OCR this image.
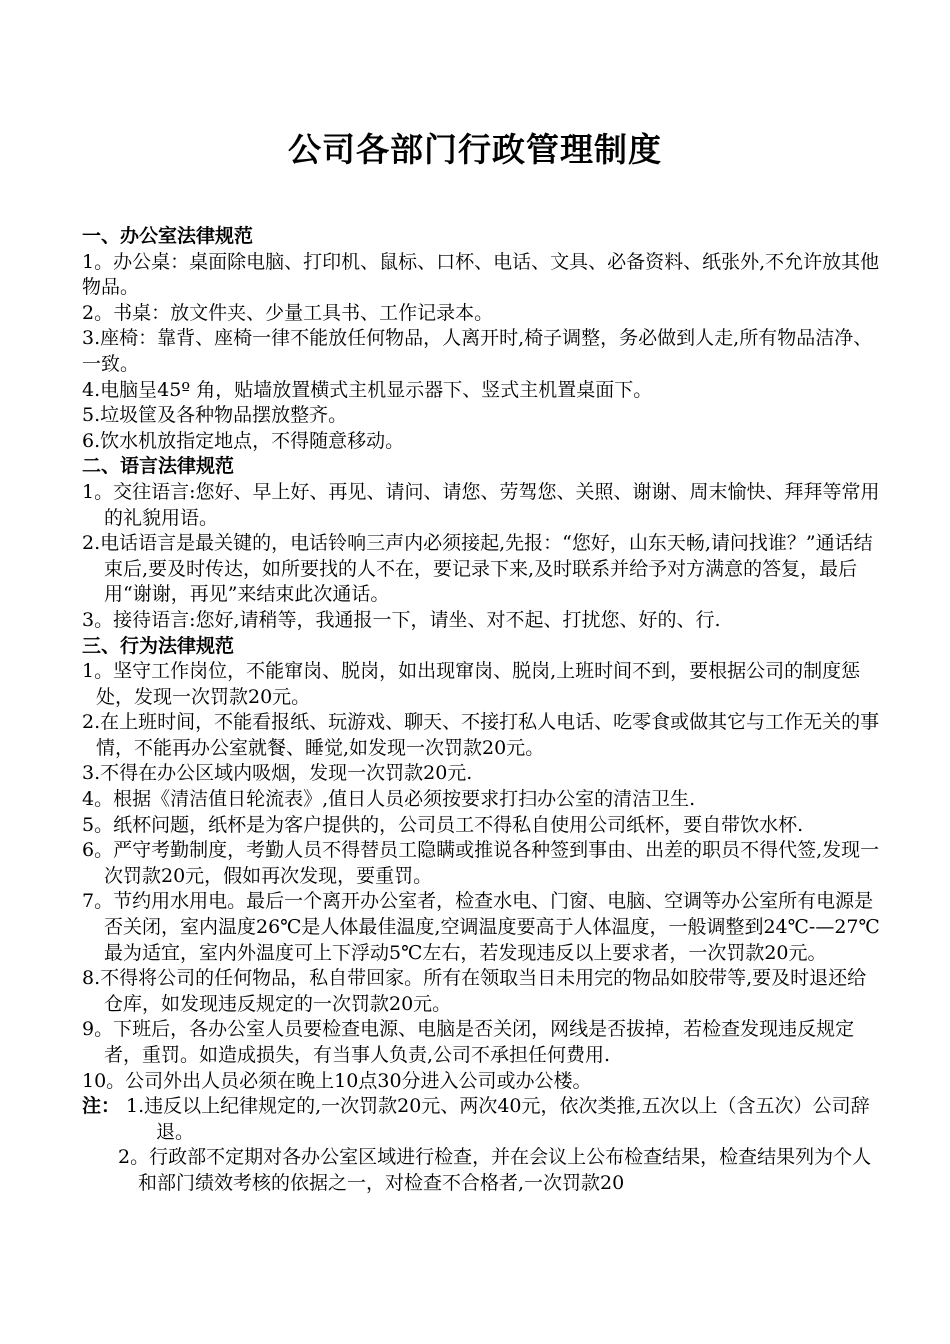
公司各部门行政管理制度

一、办公室法律规范

1。办公桌：桌面除电脑、打印机、鼠标、口杯、电话、文具、必备资料、纸张外,不允许放其他物品。

2。书桌：放文件夹、少量工具书、工作记录本。

3.座椅：靠背、座椅一律不能放任何物品，人离开时,椅子调整，务必做到人走,所有物品洁净、一致。

4.电脑呈45º 角，贴墙放置横式主机显示器下、竖式主机置桌面下。

5.垃圾筐及各种物品摆放整齐。

6.饮水机放指定地点，不得随意移动。

二、语言法律规范

1。交往语言:您好、早上好、再见、请问、请您、劳驾您、关照、谢谢、周末愉快、拜拜等常用的礼貌用语。

2.电话语言是最关键的，电话铃响三声内必须接起,先报：“您好，山东天畅,请问找谁？”通话结束后,要及时传达，如所要找的人不在，要记录下来,及时联系并给予对方满意的答复，最后用“谢谢，再见”来结束此次通话。

3。接待语言:您好,请稍等，我通报一下，请坐、对不起、打扰您、好的、行.

三、行为法律规范

1。坚守工作岗位，不能窜岗、脱岗，如出现窜岗、脱岗,上班时间不到，要根据公司的制度惩处，发现一次罚款20元。

2.在上班时间，不能看报纸、玩游戏、聊天、不接打私人电话、吃零食或做其它与工作无关的事情，不能再办公室就餐、睡觉,如发现一次罚款20元。

3.不得在办公区域内吸烟，发现一次罚款20元.

4。根据《清洁值日轮流表》,值日人员必须按要求打扫办公室的清洁卫生.

5。纸杯问题，纸杯是为客户提供的，公司员工不得私自使用公司纸杯，要自带饮水杯.

6。严守考勤制度，考勤人员不得替员工隐瞒或推说各种签到事由、出差的职员不得代签,发现一次罚款20元，假如再次发现，要重罚。

7。节约用水用电。最后一个离开办公室者，检查水电、门窗、电脑、空调等办公室所有电源是否关闭，室内温度26℃是人体最佳温度,空调温度要高于人体温度，一般调整到24℃-—27℃最为适宜，室内外温度可上下浮动5℃左右，若发现违反以上要求者，一次罚款20元。

8.不得将公司的任何物品，私自带回家。所有在领取当日未用完的物品如胶带等,要及时退还给仓库，如发现违反规定的一次罚款20元。

9。下班后，各办公室人员要检查电源、电脑是否关闭，网线是否拔掉，若检查发现违反规定者，重罚。如造成损失，有当事人负责,公司不承担任何费用.

10。公司外出人员必须在晚上10点30分进入公司或办公楼。

注： 1.违反以上纪律规定的,一次罚款20元、两次40元，依次类推,五次以上（含五次）公司辞退。

2。行政部不定期对各办公室区域进行检查，并在会议上公布检查结果，检查结果列为个人和部门绩效考核的依据之一，对检查不合格者,一次罚款20
